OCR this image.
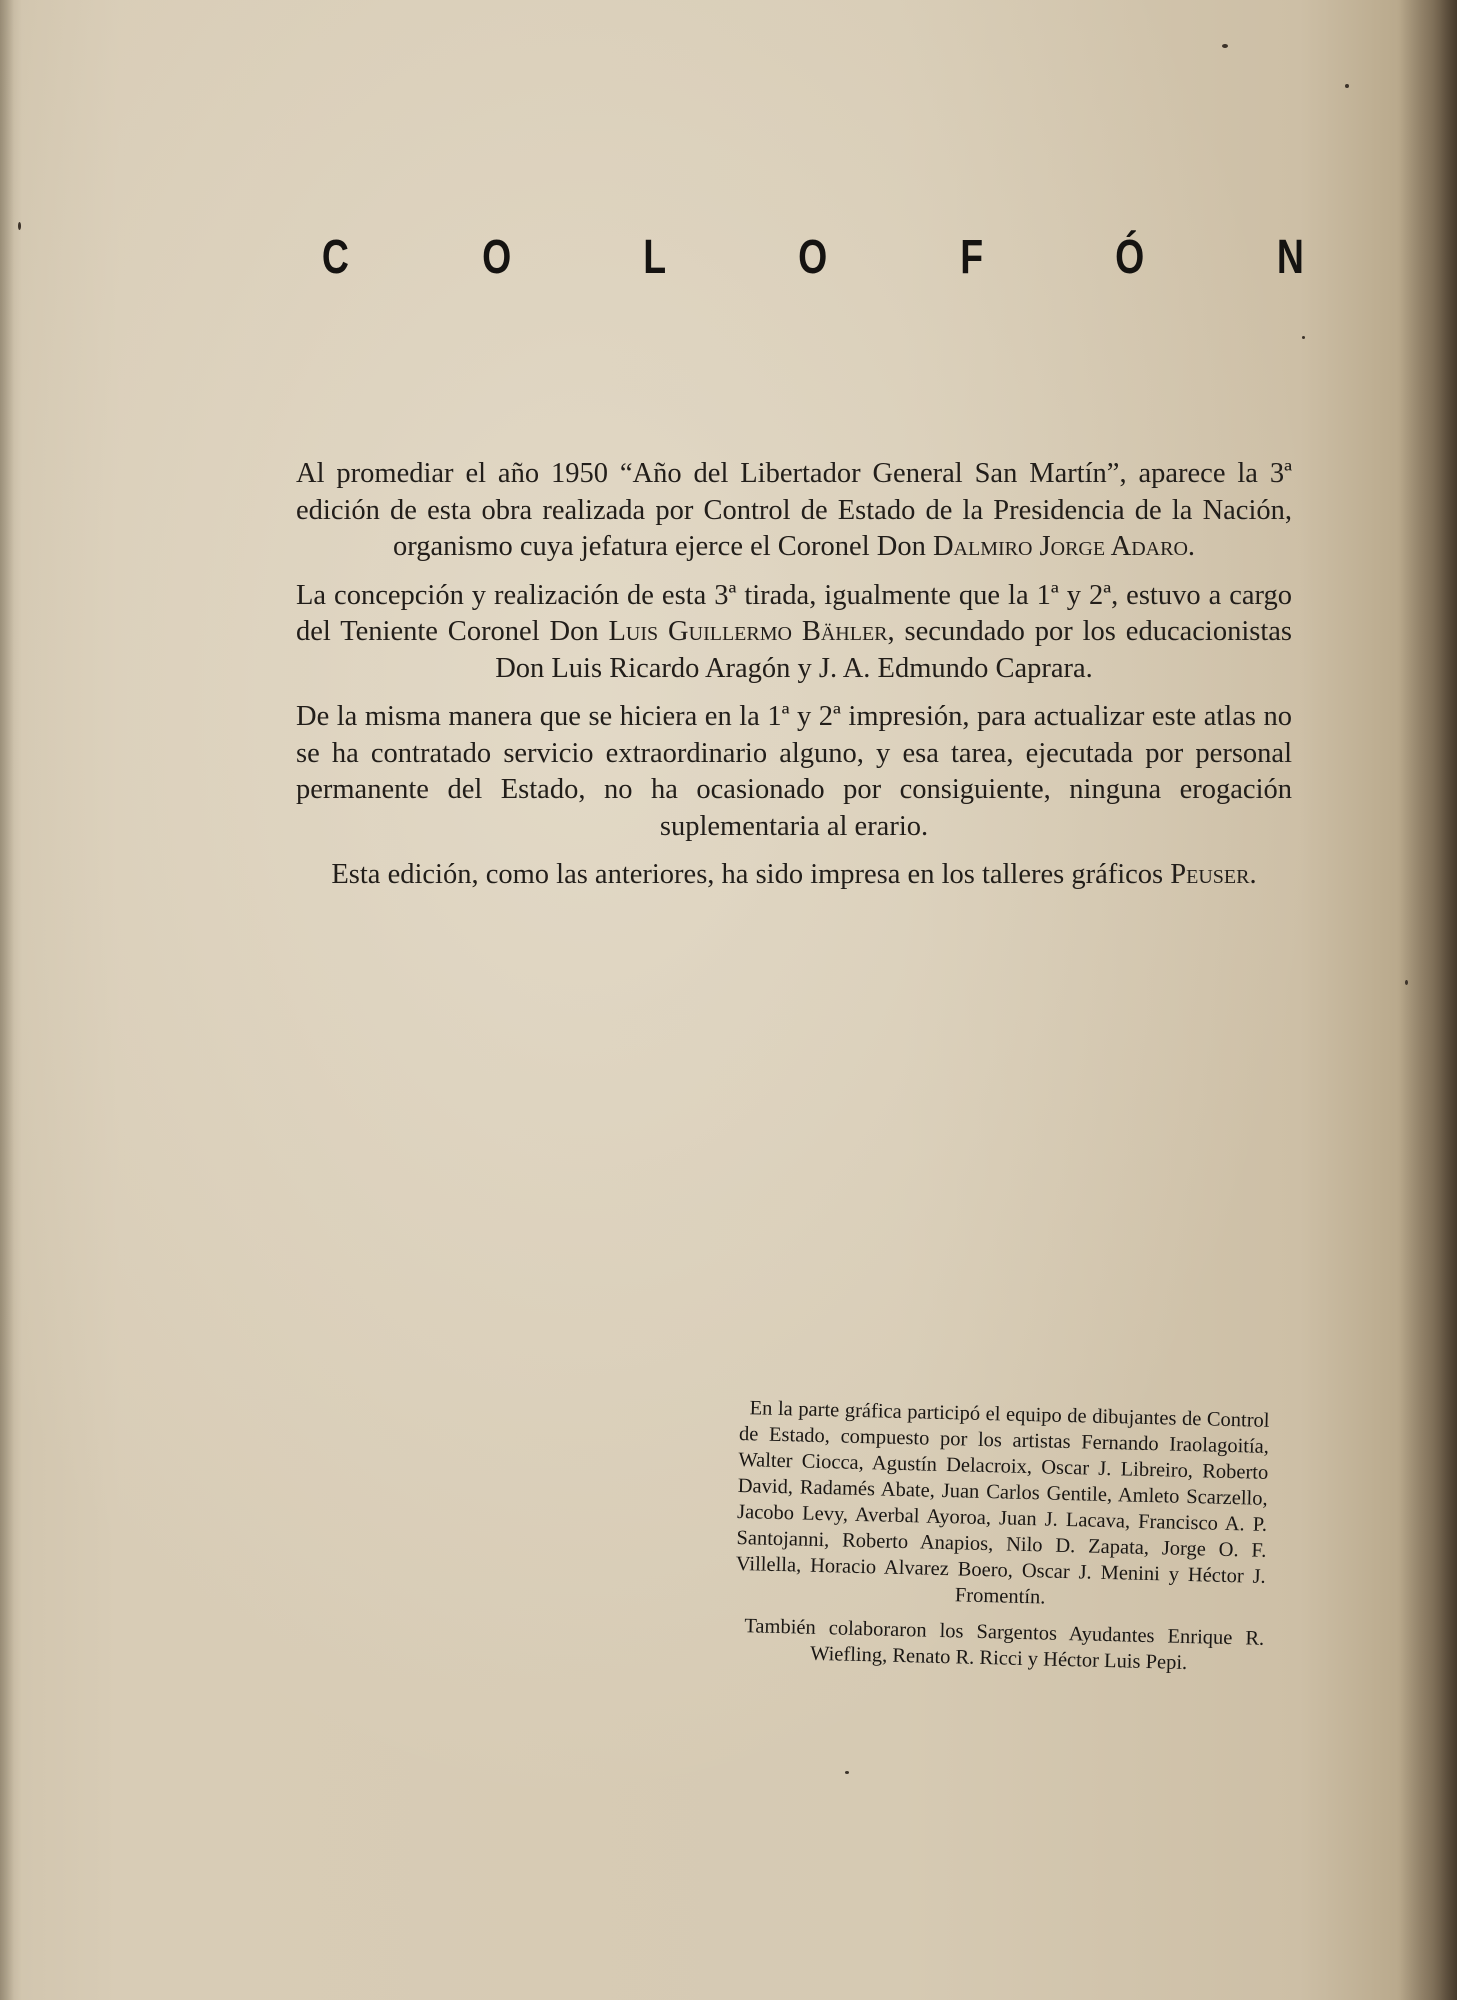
C	O	L	O	F	Ó	N

Al promediar el año 1950 “Año del Libertador General San Martín”, aparece la 3ª edición de esta obra realizada por Control de Estado de la Presidencia de la Nación, organismo cuya jefatura ejerce el Coronel Don Dalmiro Jorge Adaro.

La concepción y realización de esta 3ª tirada, igualmente que la 1ª y 2ª, estuvo a cargo del Teniente Coronel Don Luis Guillermo Bähler, secundado por los educacionistas Don Luis Ricardo Aragón y J. A. Edmundo Caprara.

De la misma manera que se hiciera en la 1ª y 2ª impresión, para actualizar este atlas no se ha contratado servicio extraordinario alguno, y esa tarea, ejecutada por personal permanente del Estado, no ha ocasionado por consiguiente, ninguna erogación suplementaria al erario.

Esta edición, como las anteriores, ha sido impresa en los talleres gráficos Peuser.

En la parte gráfica participó el equipo de dibujantes de Control de Estado, compuesto por los artistas Fernando Iraolagoitía, Walter Ciocca, Agustín Delacroix, Oscar J. Libreiro, Roberto David, Radamés Abate, Juan Carlos Gentile, Amleto Scarzello, Jacobo Levy, Averbal Ayoroa, Juan J. Lacava, Francisco A. P. Santojanni, Roberto Anapios, Nilo D. Zapata, Jorge O. F. Villella, Horacio Alvarez Boero, Oscar J. Menini y Héctor J. Fromentín.

También colaboraron los Sargentos Ayudantes Enrique R. Wiefling, Renato R. Ricci y Héctor Luis Pepi.
